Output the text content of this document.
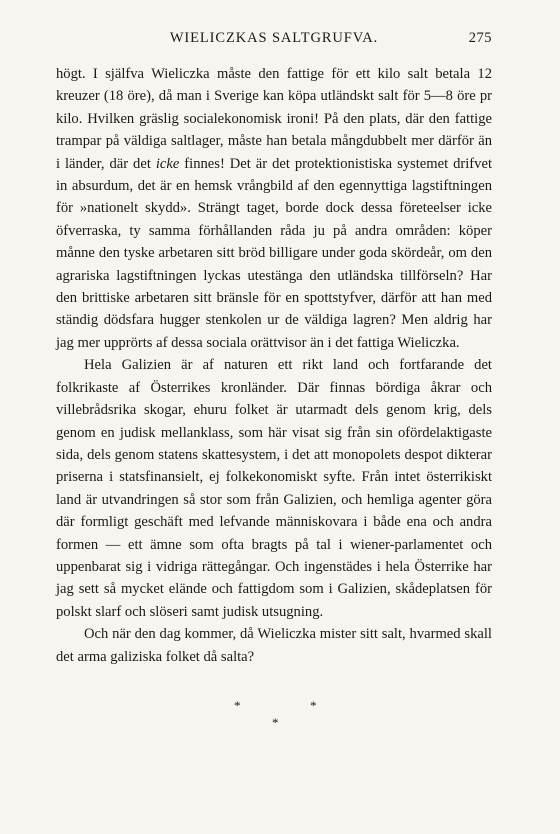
WIELICZKAS SALTGRUFVA.	275

högt. I själfva Wieliczka måste den fattige för ett kilo salt betala 12 kreuzer (18 öre), då man i Sverige kan köpa utländskt salt för 5—8 öre pr kilo. Hvilken gräslig socialekonomisk ironi! På den plats, där den fattige trampar på väldiga saltlager, måste han betala mångdubbelt mer därför än i länder, där det icke finnes! Det är det protektionistiska systemet drifvet in absurdum, det är en hemsk vrångbild af den egennyttiga lagstiftningen för »nationelt skydd». Strängt taget, borde dock dessa företeelser icke öfverraska, ty samma förhållanden råda ju på andra områden: köper månne den tyske arbetaren sitt bröd billigare under goda skördeår, om den agrariska lagstiftningen lyckas utestänga den utländska tillförseln? Har den brittiske arbetaren sitt bränsle för en spottstyfver, därför att han med ständig dödsfara hugger stenkolen ur de väldiga lagren? Men aldrig har jag mer upprörts af dessa sociala orättvisor än i det fattiga Wieliczka.

Hela Galizien är af naturen ett rikt land och fortfarande det folkrikaste af Österrikes kronländer. Där finnas bördiga åkrar och villebrådsrika skogar, ehuru folket är utarmadt dels genom krig, dels genom en judisk mellanklass, som här visat sig från sin ofördelaktigaste sida, dels genom statens skattesystem, i det att monopolets despot dikterar priserna i statsfinansielt, ej folkekonomiskt syfte. Från intet österrikiskt land är utvandringen så stor som från Galizien, och hemliga agenter göra där formligt geschäft med lefvande människovara i både ena och andra formen — ett ämne som ofta bragts på tal i wiener-parlamentet och uppenbarat sig i vidriga rättegångar. Och ingenstädes i hela Österrike har jag sett så mycket elände och fattigdom som i Galizien, skådeplatsen för polskt slarf och slöseri samt judisk utsugning.

Och när den dag kommer, då Wieliczka mister sitt salt, hvarmed skall det arma galiziska folket då salta?

*	*
*
